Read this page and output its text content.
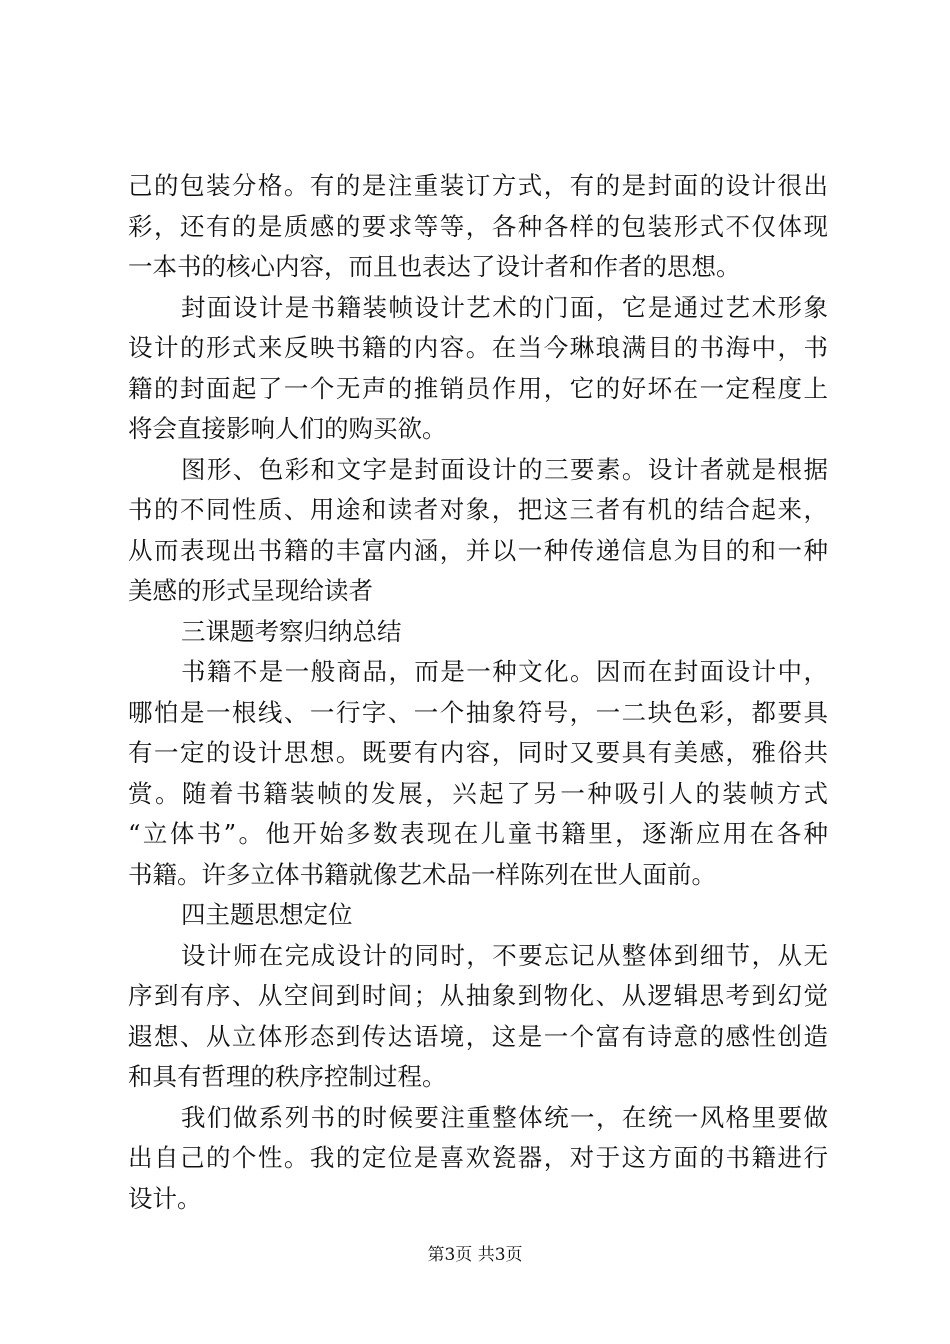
己的包装分格。有的是注重装订方式，有的是封面的设计很出
彩，还有的是质感的要求等等，各种各样的包装形式不仅体现
一本书的核心内容，而且也表达了设计者和作者的思想。
封面设计是书籍装帧设计艺术的门面，它是通过艺术形象
设计的形式来反映书籍的内容。在当今琳琅满目的书海中，书
籍的封面起了一个无声的推销员作用，它的好坏在一定程度上
将会直接影响人们的购买欲。
图形、色彩和文字是封面设计的三要素。设计者就是根据
书的不同性质、用途和读者对象，把这三者有机的结合起来，
从而表现出书籍的丰富内涵，并以一种传递信息为目的和一种
美感的形式呈现给读者
三课题考察归纳总结
书籍不是一般商品，而是一种文化。因而在封面设计中，
哪怕是一根线、一行字、一个抽象符号，一二块色彩，都要具
有一定的设计思想。既要有内容，同时又要具有美感，雅俗共
赏。随着书籍装帧的发展，兴起了另一种吸引人的装帧方式
“立体书”。他开始多数表现在儿童书籍里，逐渐应用在各种
书籍。许多立体书籍就像艺术品一样陈列在世人面前。
四主题思想定位
设计师在完成设计的同时，不要忘记从整体到细节，从无
序到有序、从空间到时间；从抽象到物化、从逻辑思考到幻觉
遐想、从立体形态到传达语境，这是一个富有诗意的感性创造
和具有哲理的秩序控制过程。
我们做系列书的时候要注重整体统一，在统一风格里要做
出自己的个性。我的定位是喜欢瓷器，对于这方面的书籍进行
设计。
第3页 共3页
